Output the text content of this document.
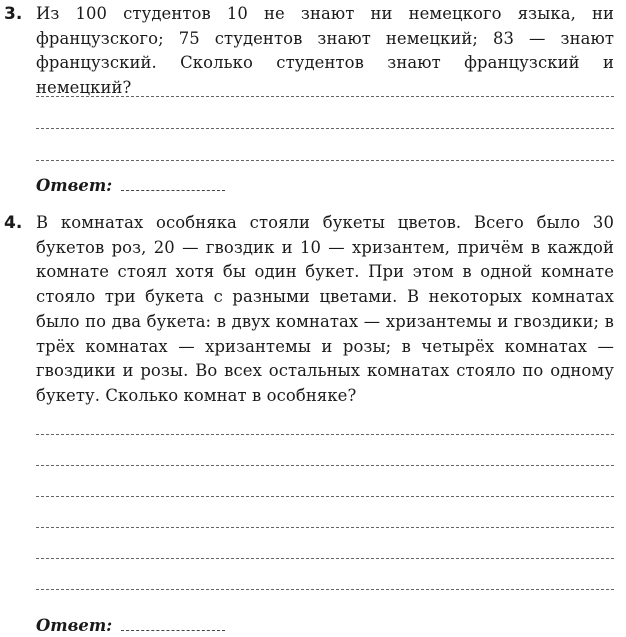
3. Из 100 студентов 10 не знают ни немецкого языка, ни французского; 75 студентов знают немецкий; 83 — знают французский. Сколько студентов знают французский и немецкий?
Ответ:
4. В комнатах особняка стояли букеты цветов. Всего было 30 букетов роз, 20 — гвоздик и 10 — хризантем, причём в каждой комнате стоял хотя бы один букет. При этом в одной комнате стояло три букета с разными цветами. В некоторых комнатах было по два букета: в двух комнатах — хризантемы и гвоздики; в трёх комнатах — хризантемы и розы; в четырёх комнатах — гвоздики и розы. Во всех остальных комнатах стояло по одному букету. Сколько комнат в особняке?
Ответ:
